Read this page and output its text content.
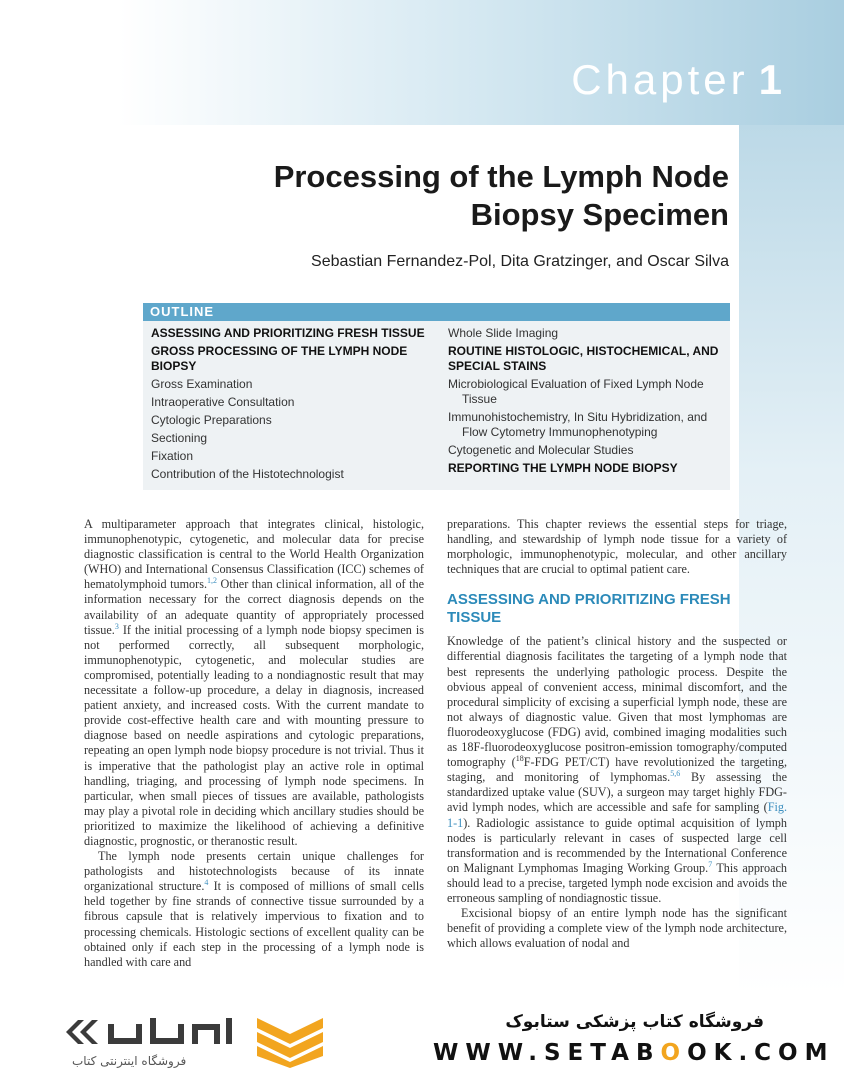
Chapter 1
Processing of the Lymph Node
Biopsy Specimen
Sebastian Fernandez-Pol, Dita Gratzinger, and Oscar Silva
OUTLINE
ASSESSING AND PRIORITIZING FRESH TISSUE
GROSS PROCESSING OF THE LYMPH NODE BIOPSY
Gross Examination
Intraoperative Consultation
Cytologic Preparations
Sectioning
Fixation
Contribution of the Histotechnologist
Whole Slide Imaging
ROUTINE HISTOLOGIC, HISTOCHEMICAL, AND SPECIAL STAINS
Microbiological Evaluation of Fixed Lymph Node Tissue
Immunohistochemistry, In Situ Hybridization, and Flow Cytometry Immunophenotyping
Cytogenetic and Molecular Studies
REPORTING THE LYMPH NODE BIOPSY

A multiparameter approach that integrates clinical, histologic, immunophenotypic, cytogenetic, and molecular data for precise diagnostic classification is central to the World Health Organization (WHO) and International Consensus Classification (ICC) schemes of hematolymphoid tumors.$^{1,2}$ Other than clinical information, all of the information necessary for the correct diagnosis depends on the availability of an adequate quantity of appropriately processed tissue.$^3$ If the initial processing of a lymph node biopsy specimen is not performed correctly, all subsequent morphologic, immunophenotypic, cytogenetic, and molecular studies are compromised, potentially leading to a nondiagnostic result that may necessitate a follow-up procedure, a delay in diagnosis, increased patient anxiety, and increased costs. With the current mandate to provide cost-effective health care and with mounting pressure to diagnose based on needle aspirations and cytologic preparations, repeating an open lymph node biopsy procedure is not trivial. Thus it is imperative that the pathologist play an active role in optimal handling, triaging, and processing of lymph node specimens. In particular, when small pieces of tissues are available, pathologists may play a pivotal role in deciding which ancillary studies should be prioritized to maximize the likelihood of achieving a definitive diagnostic, prognostic, or theranostic result.

The lymph node presents certain unique challenges for pathologists and histotechnologists because of its innate organizational structure.$^4$ It is composed of millions of small cells held together by fine strands of connective tissue surrounded by a fibrous capsule that is relatively impervious to fixation and to processing chemicals. Histologic sections of excellent quality can be obtained only if each step in the processing of a lymph node is handled with care and

preparations. This chapter reviews the essential steps for triage, handling, and stewardship of lymph node tissue for a variety of morphologic, immunophenotypic, molecular, and other ancillary techniques that are crucial to optimal patient care.

ASSESSING AND PRIORITIZING FRESH TISSUE

Knowledge of the patient’s clinical history and the suspected or differential diagnosis facilitates the targeting of a lymph node that best represents the underlying pathologic process. Despite the obvious appeal of convenient access, minimal discomfort, and the procedural simplicity of excising a superficial lymph node, these are not always of diagnostic value. Given that most lymphomas are fluorodeoxyglucose (FDG) avid, combined imaging modalities such as 18F-fluorodeoxyglucose positron-emission tomography/computed tomography ($^{18}$F-FDG PET/CT) have revolutionized the targeting, staging, and monitoring of lymphomas.$^{5,6}$ By assessing the standardized uptake value (SUV), a surgeon may target highly FDG-avid lymph nodes, which are accessible and safe for sampling (Fig. 1-1). Radiologic assistance to guide optimal acquisition of lymph nodes is particularly relevant in cases of suspected large cell transformation and is recommended by the International Conference on Malignant Lymphomas Imaging Working Group.$^7$ This approach should lead to a precise, targeted lymph node excision and avoids the erroneous sampling of nondiagnostic tissue.

Excisional biopsy of an entire lymph node has the significant benefit of providing a complete view of the lymph node architecture, which allows evaluation of nodal and

فروشگاه اینترنتی کتاب
فروشگاه کتاب پزشکی ستابوک
WWW.SETABOOK.COM
